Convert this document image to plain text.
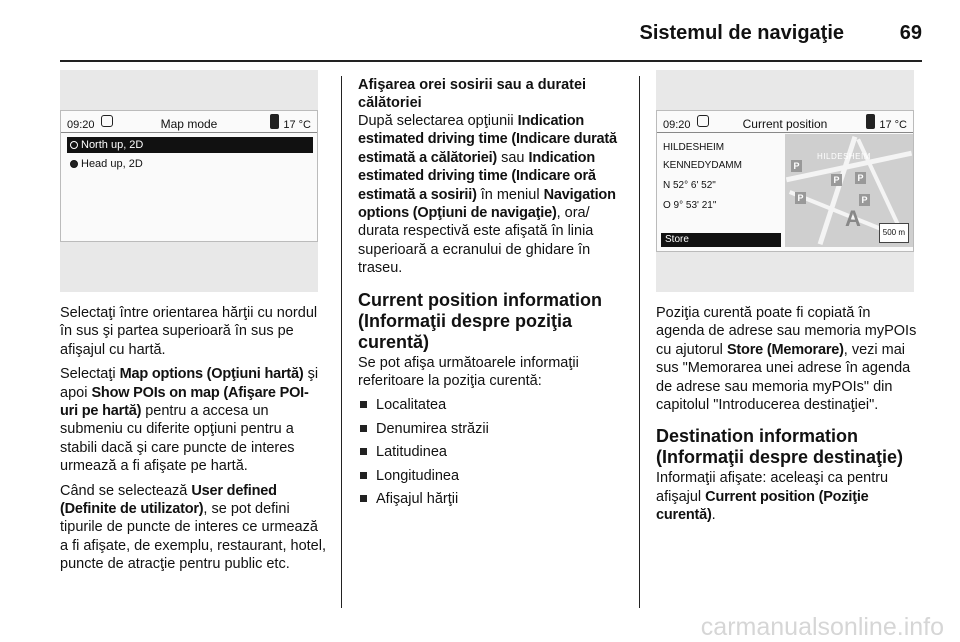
Sistemul de navigaţie	69
09:20	Map mode	17 °C
North up, 2D
Head up, 2D

Selectaţi între orientarea hărţii cu nordul în sus şi partea superioară în sus pe afişajul cu hartă.

Selectaţi Map options (Opţiuni hartă) şi apoi Show POIs on map (Afişare POI-uri pe hartă) pentru a accesa un submeniu cu diferite opţiuni pentru a stabili dacă şi care puncte de interes urmează a fi afişate pe hartă.

Când se selectează User defined (Definite de utilizator), se pot defini tipurile de puncte de interes ce urmează a fi afişate, de exemplu, restaurant, hotel, puncte de atracţie pentru public etc.

Afişarea orei sosirii sau a duratei călătoriei

După selectarea opţiunii Indication estimated driving time (Indicare durată estimată a călătoriei) sau Indication estimated driving time (Indicare oră estimată a sosirii) în meniul Navigation options (Opţiuni de navigaţie), ora/ durata respectivă este afişată în linia superioară a ecranului de ghidare în traseu.

Current position information (Informaţii despre poziţia curentă)

Se pot afişa următoarele informaţii referitoare la poziţia curentă:

Localitatea
Denumirea străzii
Latitudinea
Longitudinea
Afişajul hărţii
09:20	Current position	17 °C
HILDESHEIM
KENNEDYDAMM
N 52° 6' 52"
O 9° 53' 21"
Store
HILDESHEIM
P
P P
P	P
A
500 m

Poziţia curentă poate fi copiată în agenda de adrese sau memoria myPOIs cu ajutorul Store (Memorare), vezi mai sus "Memorarea unei adrese în agenda de adrese sau memoria myPOIs" din capitolul "Introducerea destinaţiei".

Destination information (Informaţii despre destinaţie)

Informaţii afişate: aceleaşi ca pentru afişajul Current position (Poziţie curentă).

carmanualsonline.info
